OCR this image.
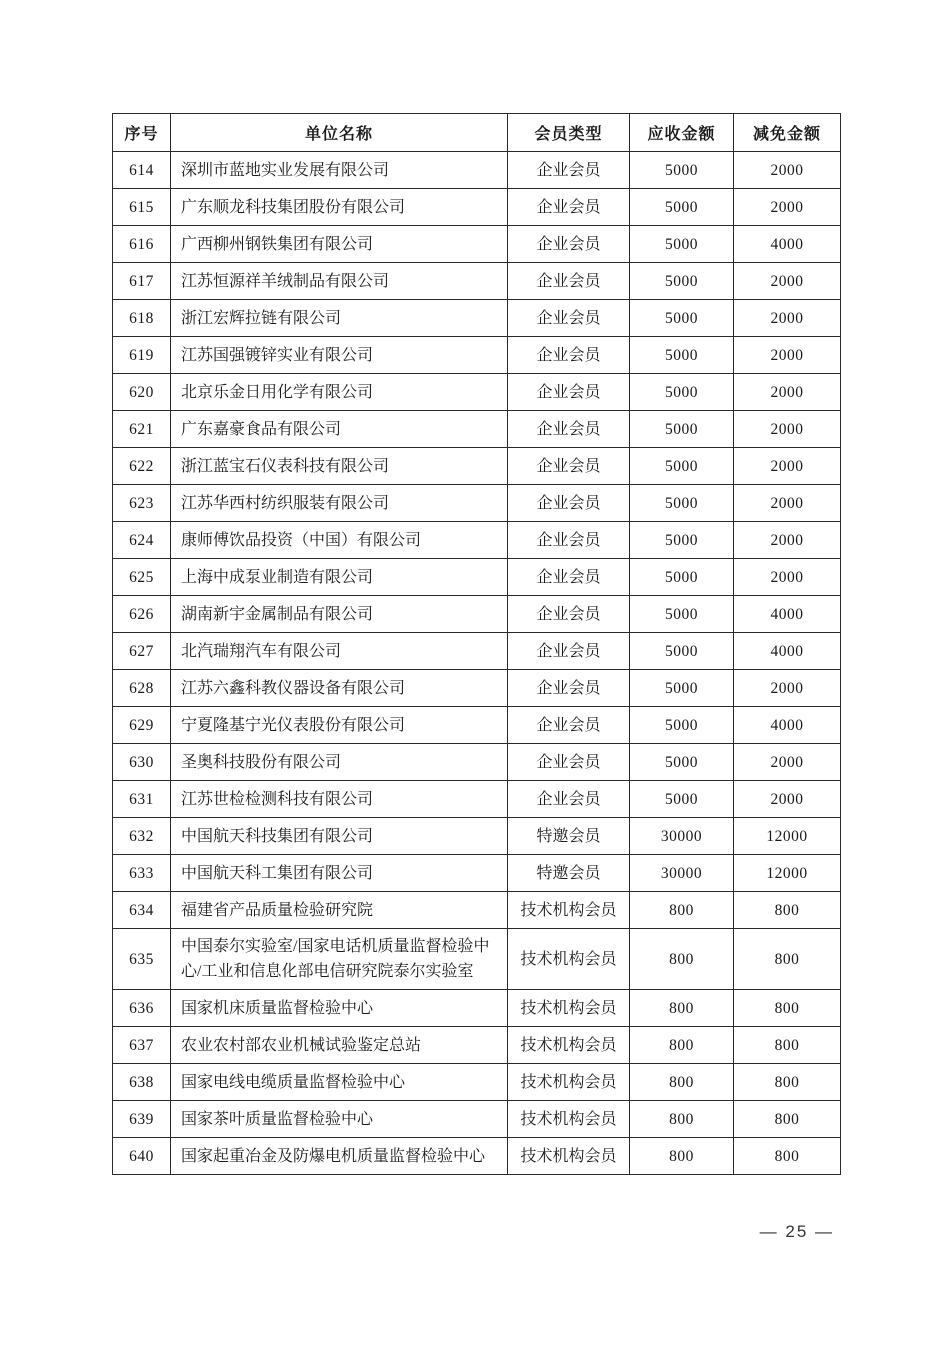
序号	单位名称	会员类型	应收金额	减免金额
614	深圳市蓝地实业发展有限公司	企业会员	5000	2000
615	广东顺龙科技集团股份有限公司	企业会员	5000	2000
616	广西柳州钢铁集团有限公司	企业会员	5000	4000
617	江苏恒源祥羊绒制品有限公司	企业会员	5000	2000
618	浙江宏辉拉链有限公司	企业会员	5000	2000
619	江苏国强镀锌实业有限公司	企业会员	5000	2000
620	北京乐金日用化学有限公司	企业会员	5000	2000
621	广东嘉豪食品有限公司	企业会员	5000	2000
622	浙江蓝宝石仪表科技有限公司	企业会员	5000	2000
623	江苏华西村纺织服装有限公司	企业会员	5000	2000
624	康师傅饮品投资（中国）有限公司	企业会员	5000	2000
625	上海中成泵业制造有限公司	企业会员	5000	2000
626	湖南新宇金属制品有限公司	企业会员	5000	4000
627	北汽瑞翔汽车有限公司	企业会员	5000	4000
628	江苏六鑫科教仪器设备有限公司	企业会员	5000	2000
629	宁夏隆基宁光仪表股份有限公司	企业会员	5000	4000
630	圣奥科技股份有限公司	企业会员	5000	2000
631	江苏世检检测科技有限公司	企业会员	5000	2000
632	中国航天科技集团有限公司	特邀会员	30000	12000
633	中国航天科工集团有限公司	特邀会员	30000	12000
634	福建省产品质量检验研究院	技术机构会员	800	800
635	中国泰尔实验室/国家电话机质量监督检验中心/工业和信息化部电信研究院泰尔实验室	技术机构会员	800	800
636	国家机床质量监督检验中心	技术机构会员	800	800
637	农业农村部农业机械试验鉴定总站	技术机构会员	800	800
638	国家电线电缆质量监督检验中心	技术机构会员	800	800
639	国家茶叶质量监督检验中心	技术机构会员	800	800
640	国家起重冶金及防爆电机质量监督检验中心	技术机构会员	800	800
— 25 —
